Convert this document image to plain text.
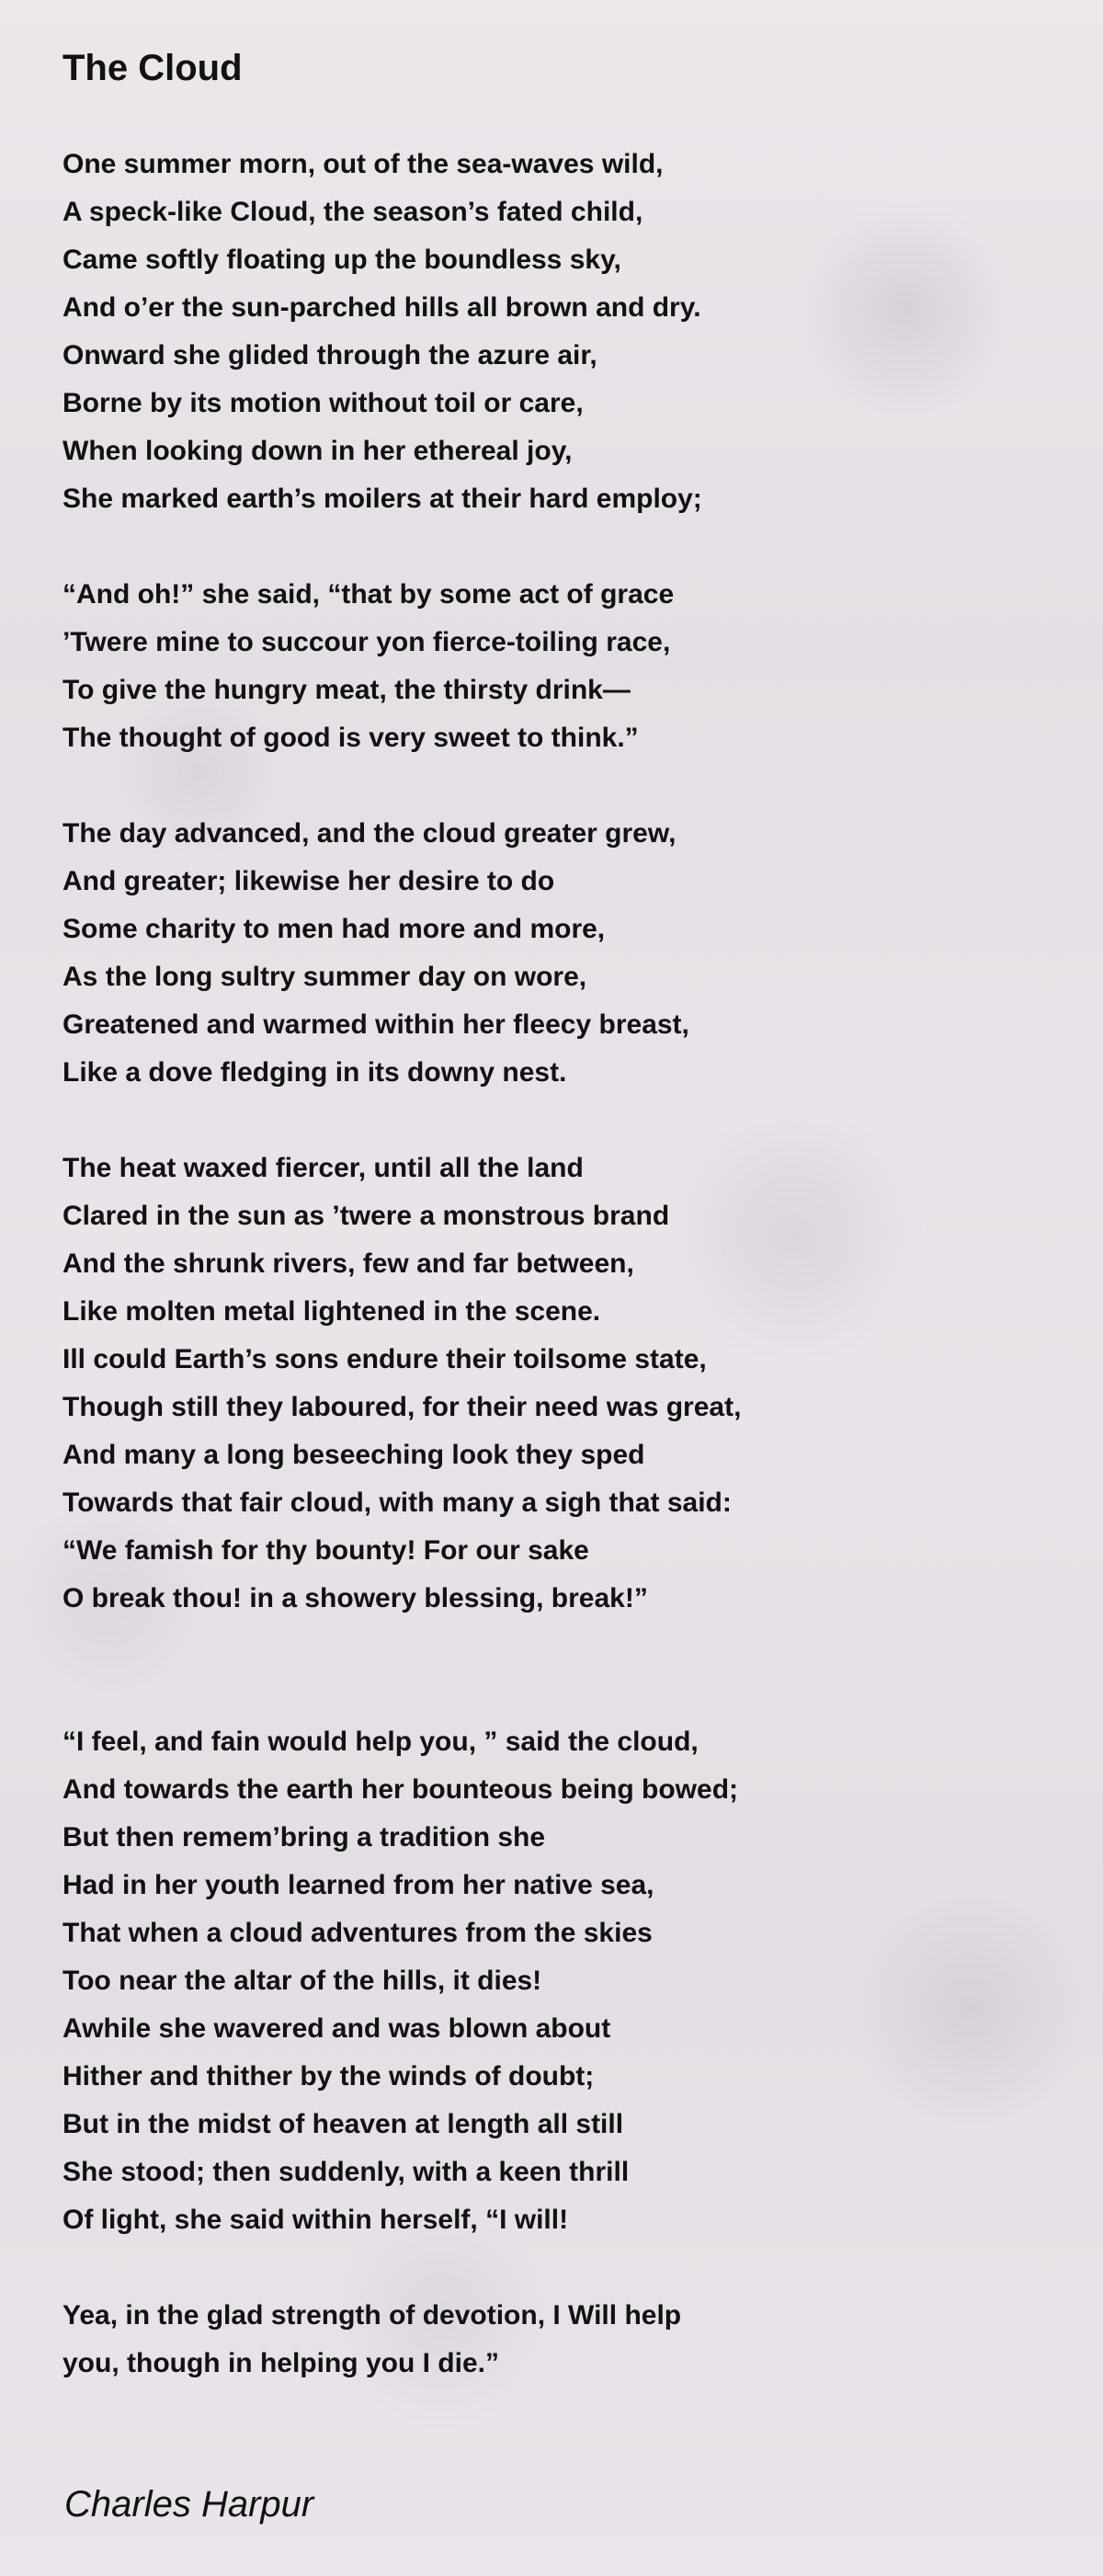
The Cloud
One summer morn, out of the sea-waves wild,
A speck-like Cloud, the season’s fated child,
Came softly floating up the boundless sky,
And o’er the sun-parched hills all brown and dry.
Onward she glided through the azure air,
Borne by its motion without toil or care,
When looking down in her ethereal joy,
She marked earth’s moilers at their hard employ;
“And oh!” she said, “that by some act of grace
’Twere mine to succour yon fierce-toiling race,
To give the hungry meat, the thirsty drink—
The thought of good is very sweet to think.”
The day advanced, and the cloud greater grew,
And greater; likewise her desire to do
Some charity to men had more and more,
As the long sultry summer day on wore,
Greatened and warmed within her fleecy breast,
Like a dove fledging in its downy nest.
The heat waxed fiercer, until all the land
Clared in the sun as ’twere a monstrous brand
And the shrunk rivers, few and far between,
Like molten metal lightened in the scene.
Ill could Earth’s sons endure their toilsome state,
Though still they laboured, for their need was great,
And many a long beseeching look they sped
Towards that fair cloud, with many a sigh that said:
“We famish for thy bounty! For our sake
O break thou! in a showery blessing, break!”
“I feel, and fain would help you, ” said the cloud,
And towards the earth her bounteous being bowed;
But then remem’bring a tradition she
Had in her youth learned from her native sea,
That when a cloud adventures from the skies
Too near the altar of the hills, it dies!
Awhile she wavered and was blown about
Hither and thither by the winds of doubt;
But in the midst of heaven at length all still
She stood; then suddenly, with a keen thrill
Of light, she said within herself, “I will!
Yea, in the glad strength of devotion, I Will help
you, though in helping you I die.”
Charles Harpur
